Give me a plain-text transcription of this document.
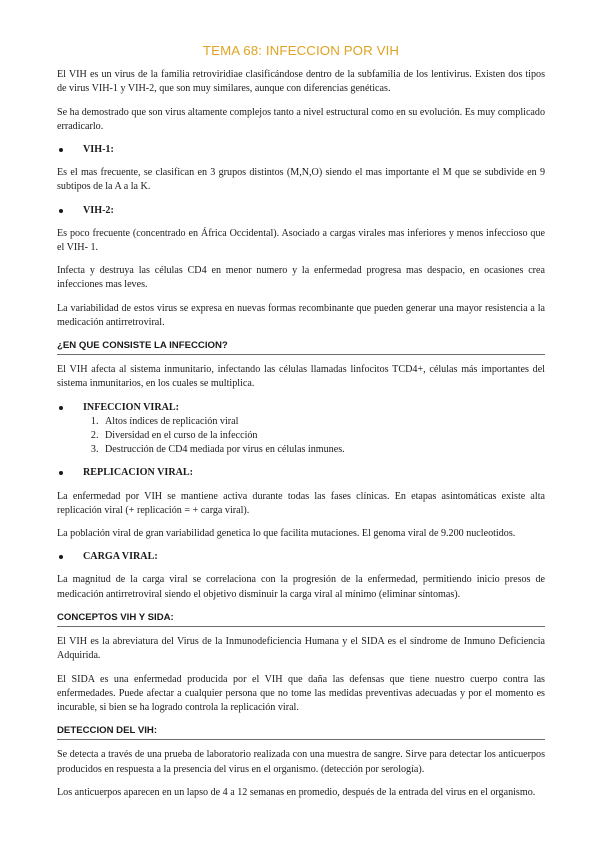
TEMA 68: INFECCION POR VIH

El VIH es un virus de la familia retroviridiae clasificándose dentro de la subfamilia de los lentivirus. Existen dos tipos de virus VIH-1 y VIH-2, que son muy similares, aunque con diferencias genéticas.

Se ha demostrado que son virus altamente complejos tanto a nivel estructural como en su evolución. Es muy complicado erradicarlo.

VIH-1:

Es el mas frecuente, se clasifican en 3 grupos distintos (M,N,O) siendo el mas importante el M que se subdivide en 9 subtipos de la A a la K.

VIH-2:

Es poco frecuente (concentrado en África Occidental). Asociado a cargas virales mas inferiores y menos infeccioso que el VIH- 1.

Infecta y destruya las células CD4 en menor numero y la enfermedad progresa mas despacio, en ocasiones crea infecciones mas leves.

La variabilidad de estos virus se expresa en nuevas formas recombinante que pueden generar una mayor resistencia a la medicación antirretroviral.

¿EN QUE CONSISTE LA INFECCION?

El VIH afecta al sistema inmunitario, infectando las células llamadas linfocitos TCD4+, células más importantes del sistema inmunitarios, en los cuales se multiplica.

INFECCION VIRAL:
1. Altos índices de replicación viral
2. Diversidad en el curso de la infección
3. Destrucción de CD4 mediada por virus en células inmunes.
REPLICACION VIRAL:

La enfermedad por VIH se mantiene activa durante todas las fases clínicas. En etapas asintomáticas existe alta replicación viral (+ replicación = + carga viral).

La población viral de gran variabilidad genetica lo que facilita mutaciones. El genoma viral de 9.200 nucleotidos.

CARGA VIRAL:

La magnitud de la carga viral se correlaciona con la progresión de la enfermedad, permitiendo inicio presos de medicación antirretroviral siendo el objetivo disminuir la carga viral al mínimo (eliminar síntomas).

CONCEPTOS VIH Y SIDA:

El VIH es la abreviatura del Virus de la Inmunodeficiencia Humana y el SIDA es el síndrome de Inmuno Deficiencia Adquirida.

El SIDA es una enfermedad producida por el VIH que daña las defensas que tiene nuestro cuerpo contra las enfermedades. Puede afectar a cualquier persona que no tome las medidas preventivas adecuadas y por el momento es incurable, si bien se ha logrado controla la replicación viral.

DETECCION DEL VIH:

Se detecta a través de una prueba de laboratorio realizada con una muestra de sangre. Sirve para detectar los anticuerpos producidos en respuesta a la presencia del virus en el organismo. (detección por serología).

Los anticuerpos aparecen en un lapso de 4 a 12 semanas en promedio, después de la entrada del virus en el organismo.
